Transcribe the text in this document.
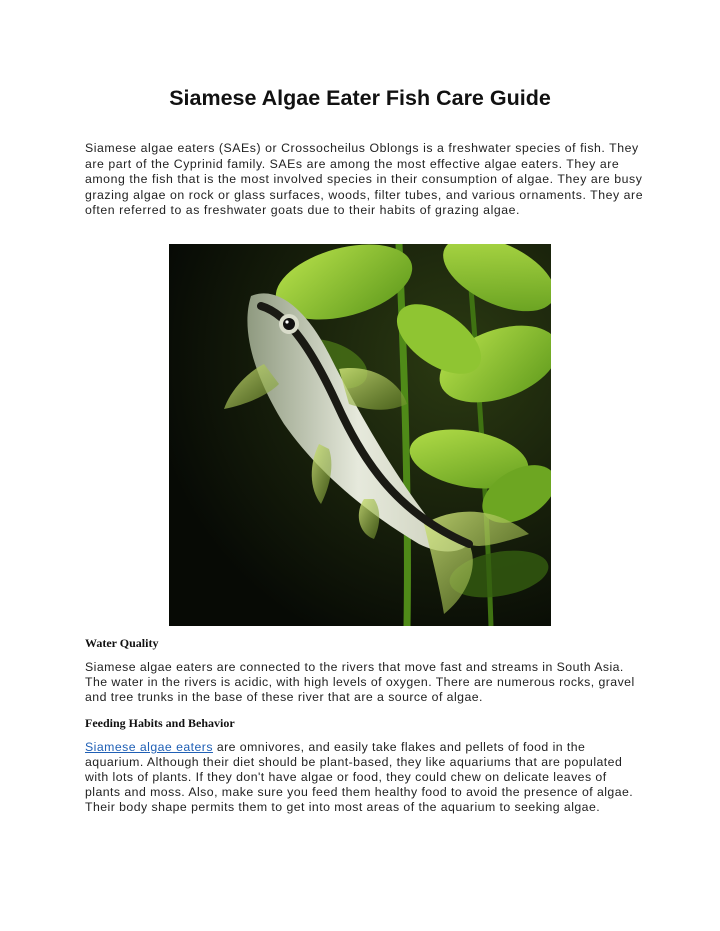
Siamese Algae Eater Fish Care Guide

Siamese algae eaters (SAEs) or Crossocheilus Oblongs is a freshwater species of fish. They are part of the Cyprinid family. SAEs are among the most effective algae eaters. They are among the fish that is the most involved species in their consumption of algae. They are busy grazing algae on rock or glass surfaces, woods, filter tubes, and various ornaments. They are often referred to as freshwater goats due to their habits of grazing algae.

Water Quality

Siamese algae eaters are connected to the rivers that move fast and streams in South Asia. The water in the rivers is acidic, with high levels of oxygen. There are numerous rocks, gravel and tree trunks in the base of these river that are a source of algae.

Feeding Habits and Behavior

Siamese algae eaters are omnivores, and easily take flakes and pellets of food in the aquarium. Although their diet should be plant-based, they like aquariums that are populated with lots of plants. If they don't have algae or food, they could chew on delicate leaves of plants and moss. Also, make sure you feed them healthy food to avoid the presence of algae. Their body shape permits them to get into most areas of the aquarium to seeking algae.
